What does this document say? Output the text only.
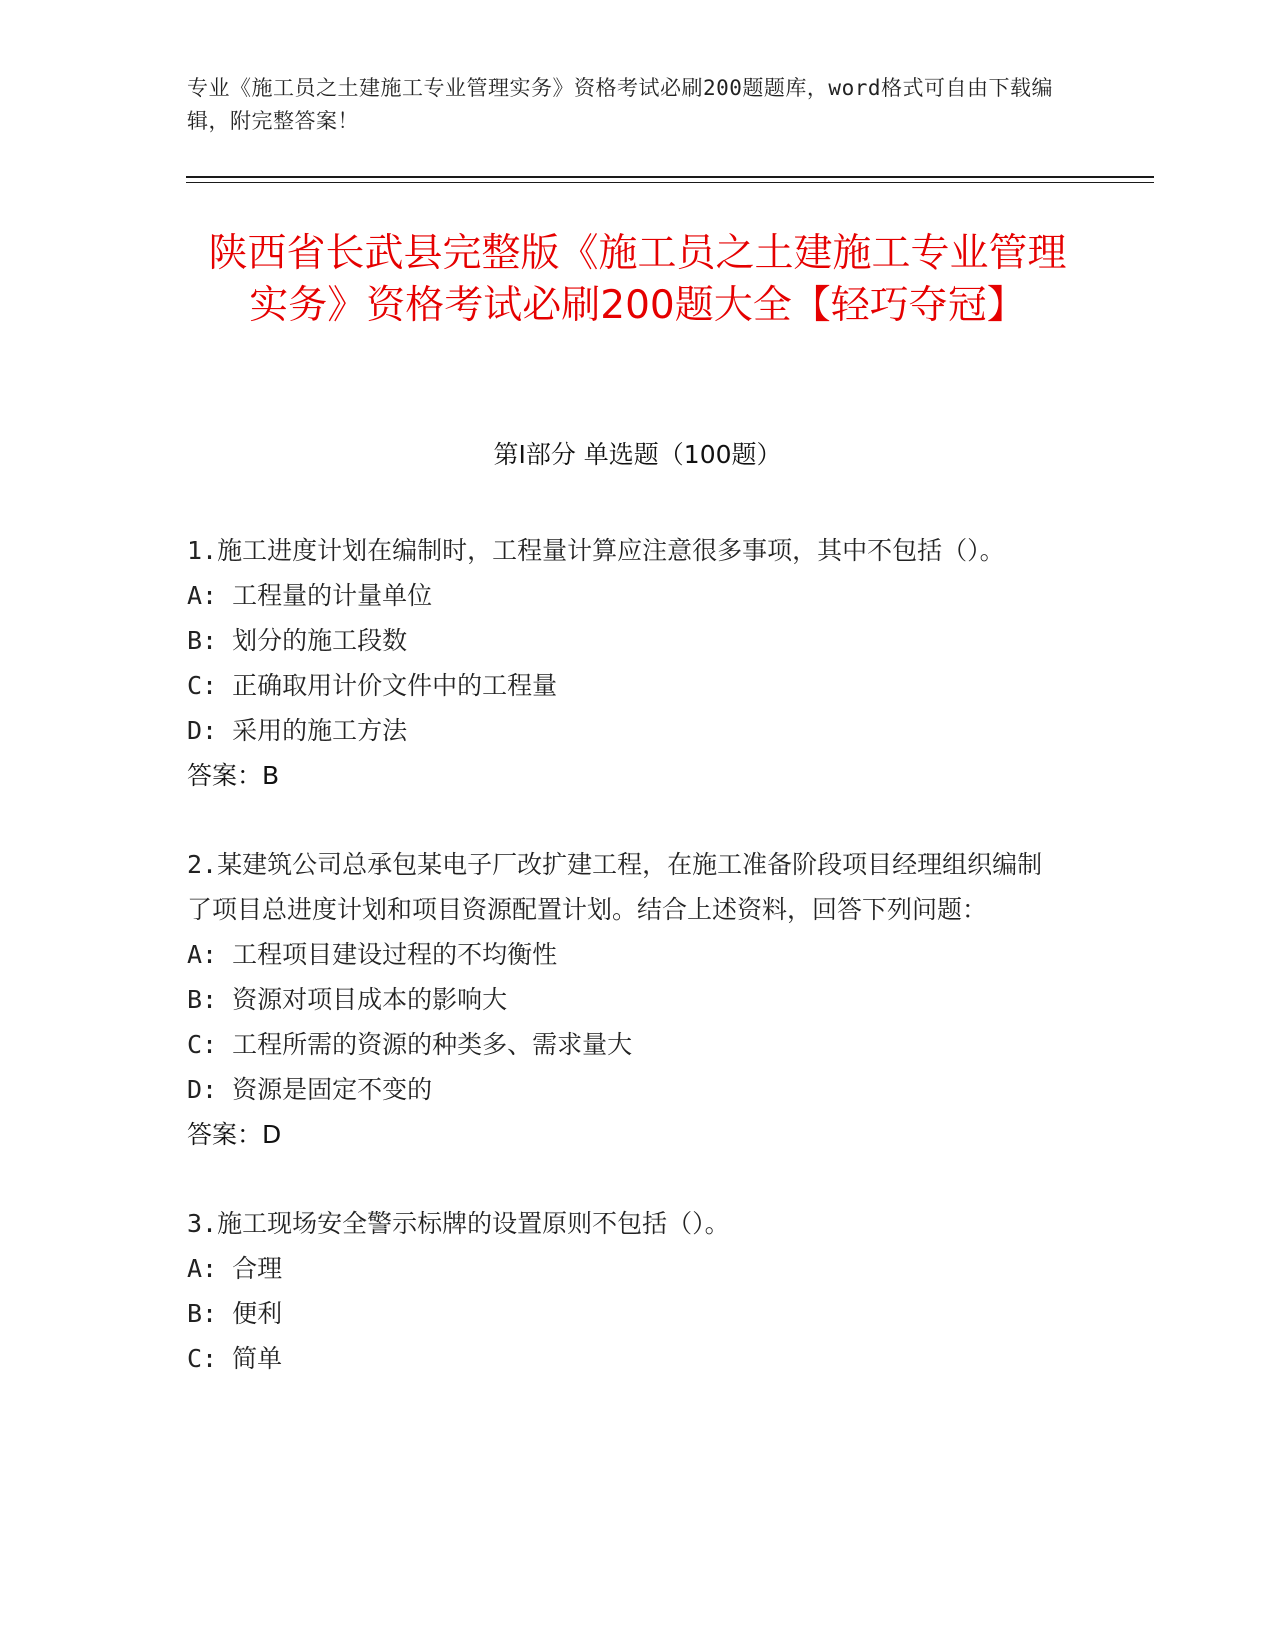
专业《施工员之土建施工专业管理实务》资格考试必刷200题题库，word格式可自由下载编辑，附完整答案！
陕西省长武县完整版《施工员之土建施工专业管理实务》资格考试必刷200题大全【轻巧夺冠】
第I部分 单选题（100题）
1.施工进度计划在编制时，工程量计算应注意很多事项，其中不包括（）。
A: 工程量的计量单位
B: 划分的施工段数
C: 正确取用计价文件中的工程量
D: 采用的施工方法
答案：B
2.某建筑公司总承包某电子厂改扩建工程，在施工准备阶段项目经理组织编制了项目总进度计划和项目资源配置计划。结合上述资料，回答下列问题：
A: 工程项目建设过程的不均衡性
B: 资源对项目成本的影响大
C: 工程所需的资源的种类多、需求量大
D: 资源是固定不变的
答案：D
3.施工现场安全警示标牌的设置原则不包括（）。
A: 合理
B: 便利
C: 简单
